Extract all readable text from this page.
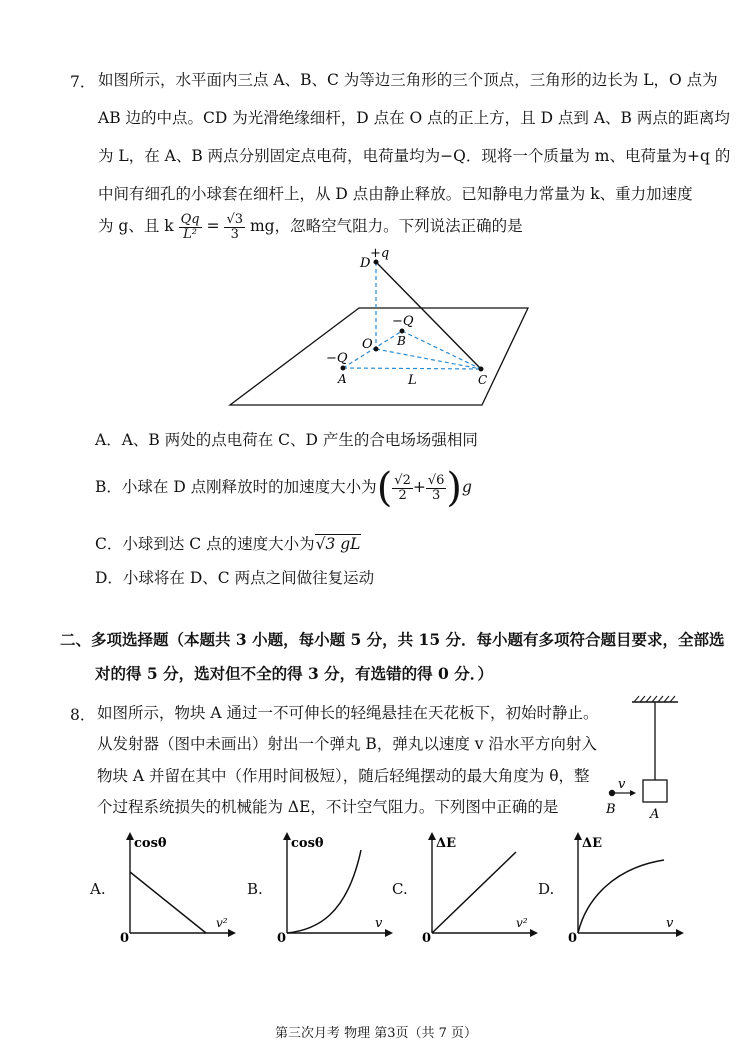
7． 如图所示，水平面内三点 A、B、C 为等边三角形的三个顶点，三角形的边长为 L，O 点为
AB 边的中点。CD 为光滑绝缘细杆，D 点在 O 点的正上方，且 D 点到 A、B 两点的距离均
为 L，在 A、B 两点分别固定点电荷，电荷量均为−Q．现将一个质量为 m、电荷量为+q 的
中间有细孔的小球套在细杆上，从 D 点由静止释放。已知静电力常量为 k、重力加速度
为 g、且 k $\frac{Qq}{\text{L²}} = \frac{√3}{3}$ mg，忽略空气阻力。下列说法正确的是
D
+q
−Q
B
O
−Q
A	L	C
A．A、B 两处的点电荷在 C、D 产生的合电场场强相同
B．小球在 D 点刚释放时的加速度大小为( $\frac{√2}{2} + \frac{√6}{3} )g$
C．小球到达 C 点的速度大小为√3 gL
D．小球将在 D、C 两点之间做往复运动
二、多项选择题（本题共 3 小题，每小题 5 分，共 15 分．每小题有多项符合题目要求，全部选
对的得 5 分，选对但不全的得 3 分，有选错的得 0 分．）
8． 如图所示，物块 A 通过一不可伸长的轻绳悬挂在天花板下，初始时静止。
从发射器（图中未画出）射出一个弹丸 B，弹丸以速度 v 沿水平方向射入
物块 A 并留在其中（作用时间极短），随后轻绳摆动的最大角度为 θ，整
个过程系统损失的机械能为 ΔE，不计空气阻力。下列图中正确的是
v
B	A
A.
cosθ
v²
0
B.
cosθ
v
0
C.
ΔE
v²
0
D.
ΔE
v
0
第三次月考 物理 第3页（共 7 页）
